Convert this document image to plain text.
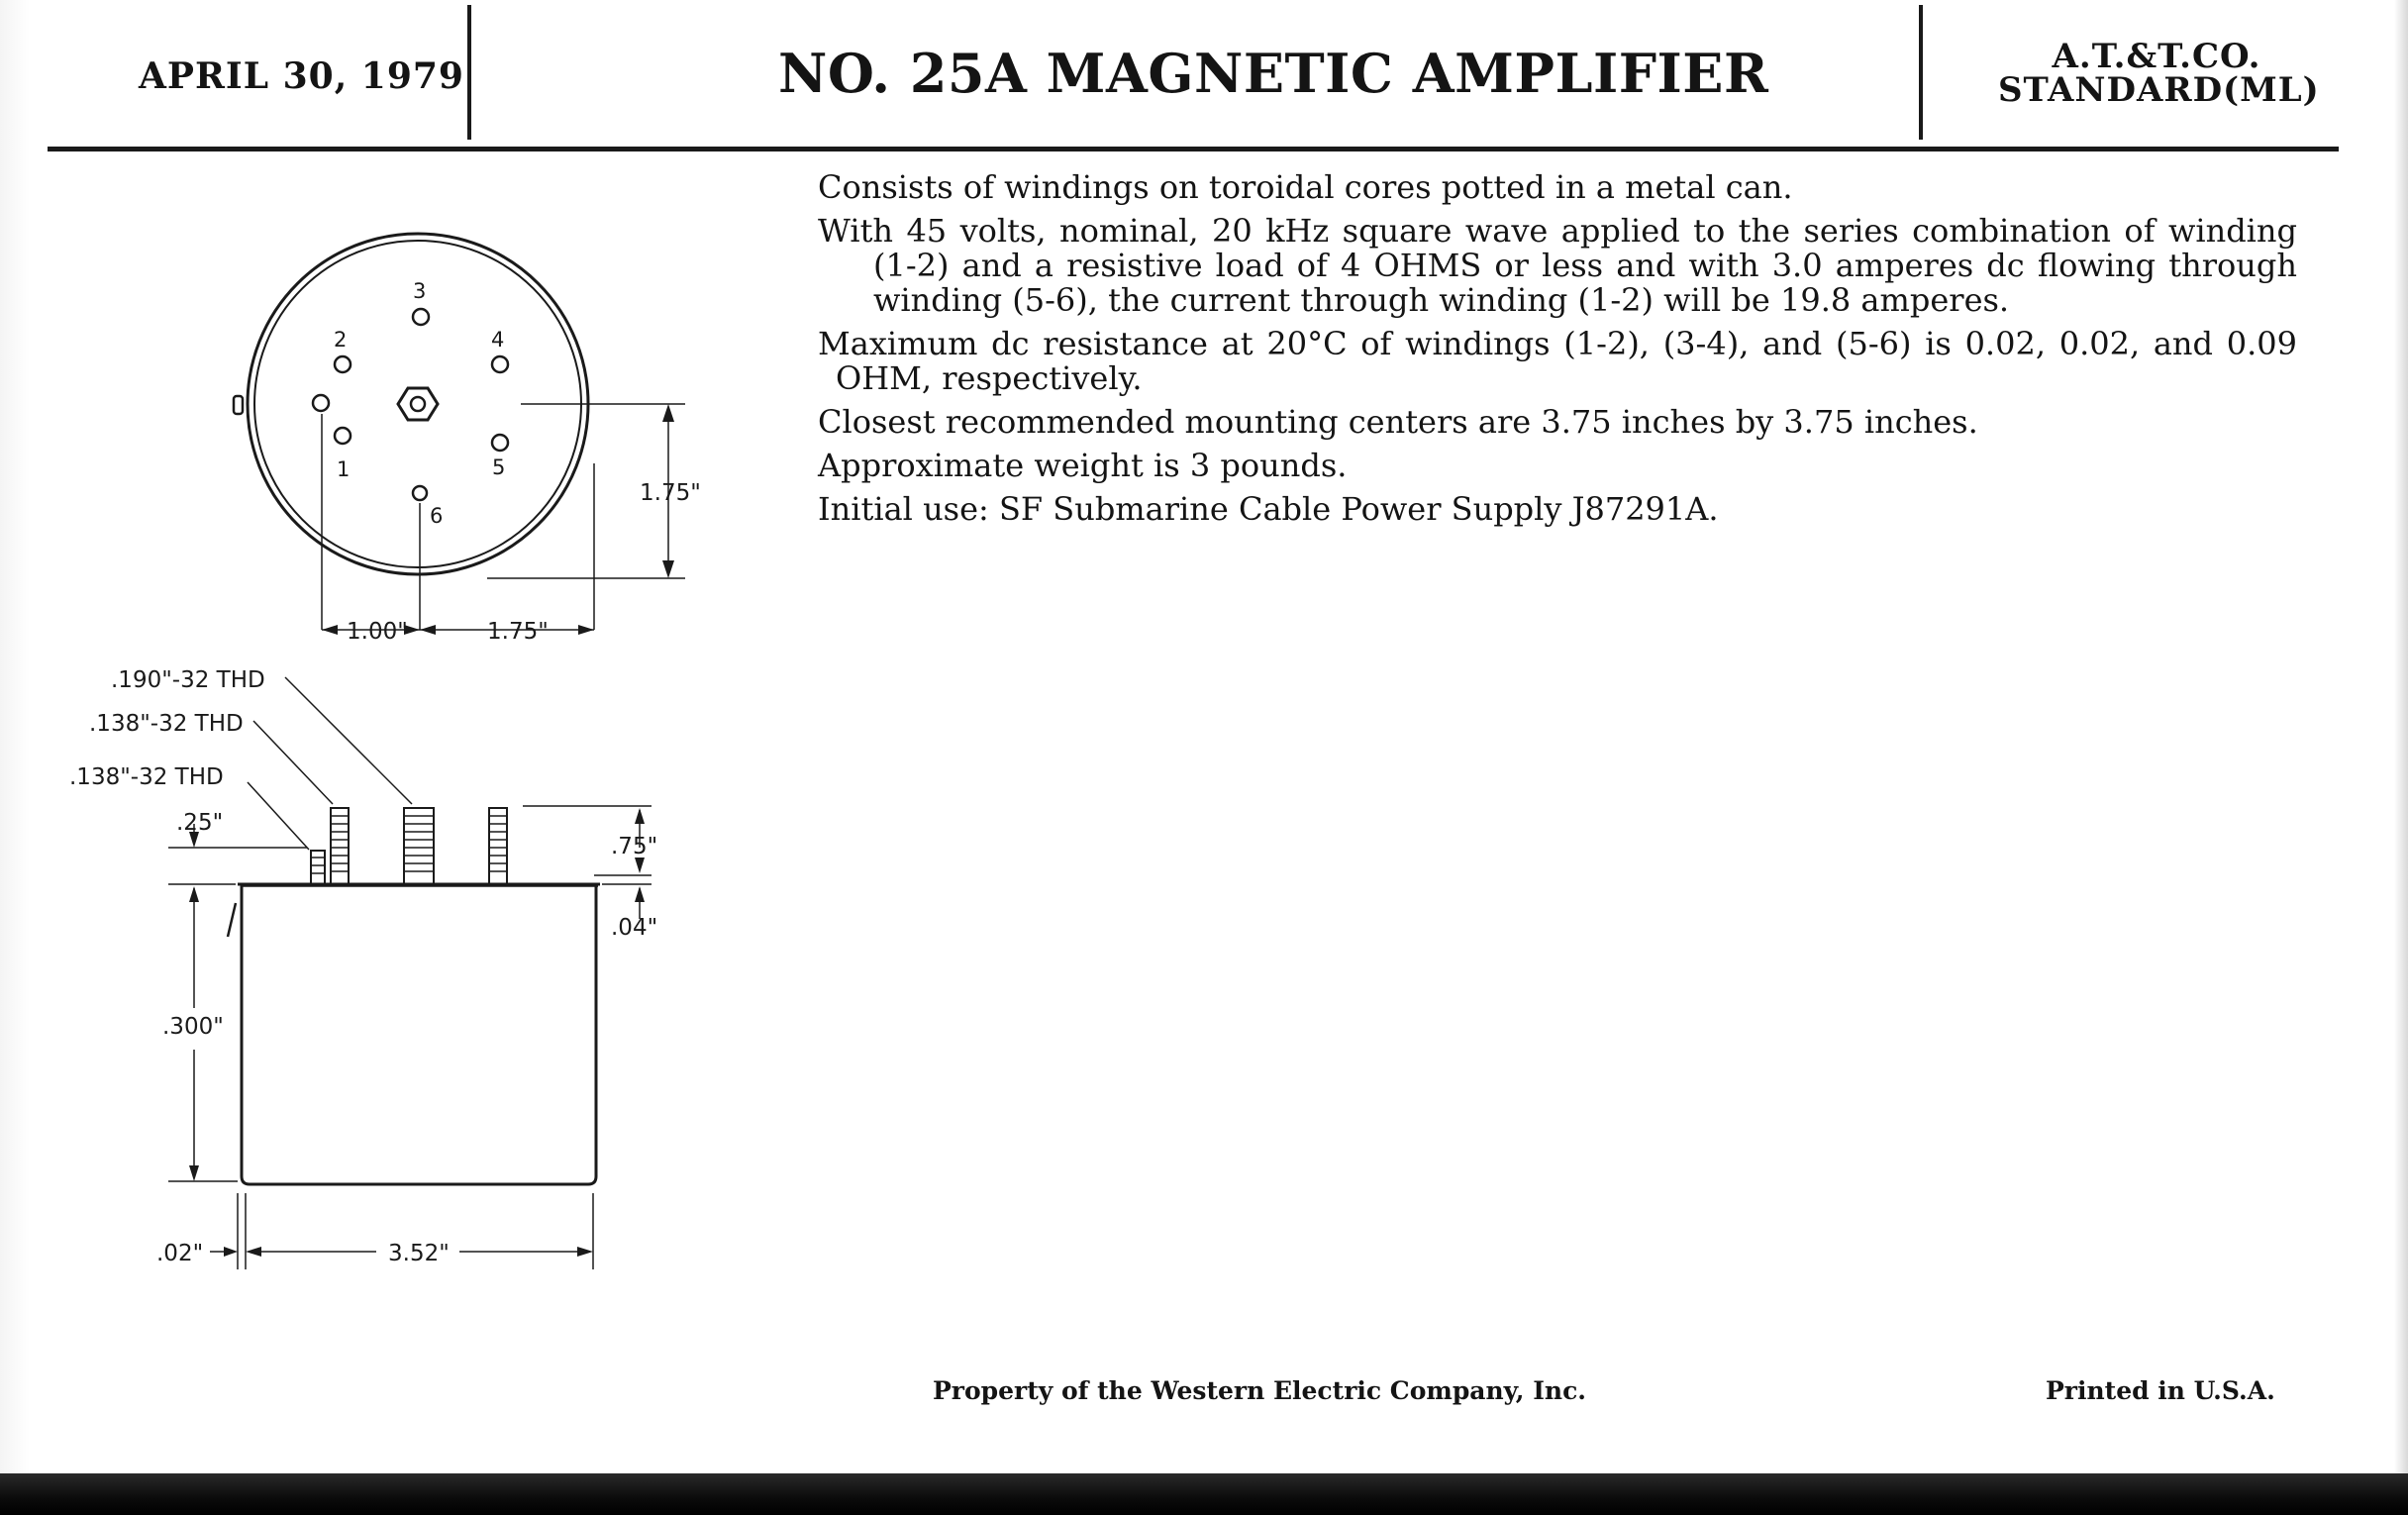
APRIL 30, 1979	NO. 25A MAGNETIC AMPLIFIER	A.T.&T.CO.
STANDARD(ML)

Consists of windings on toroidal cores potted in a metal can.

With 45 volts, nominal, 20 kHz square wave applied to the series combination of winding (1-2) and a resistive load of 4 OHMS or less and with 3.0 amperes dc flowing through winding (5-6), the current through winding (1-2) will be 19.8 amperes.

Maximum dc resistance at 20°C of windings (1-2), (3-4), and (5-6) is 0.02, 0.02, and 0.09 OHM, respectively.

Closest recommended mounting centers are 3.75 inches by 3.75 inches.

Approximate weight is 3 pounds.

Initial use: SF Submarine Cable Power Supply J87291A.

3
2	4
1	5
6
1.75"
1.00"	1.75"
.190"-32 THD
.138"-32 THD
.138"-32 THD
.25"
.75"
.04"
.300"
.02"	3.52"
Property of the Western Electric Company, Inc.	Printed in U.S.A.
